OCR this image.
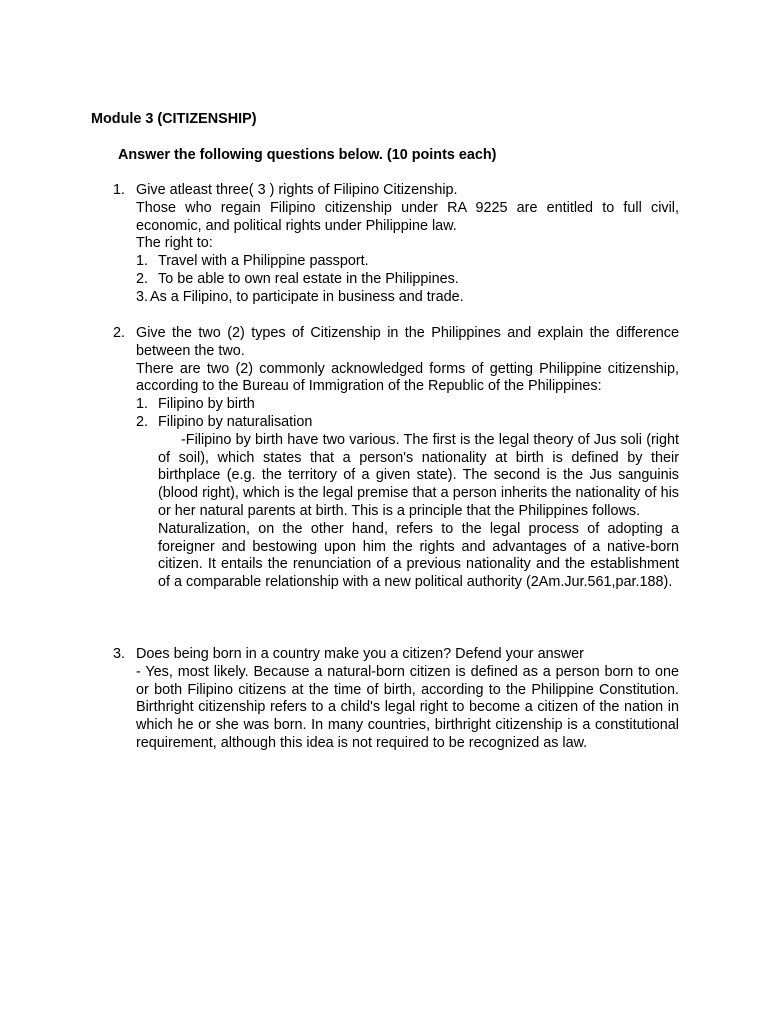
Module 3 (CITIZENSHIP)
Answer the following questions below. (10 points each)
1. Give atleast three( 3 ) rights of Filipino Citizenship.
Those who regain Filipino citizenship under RA 9225 are entitled to full civil, economic, and political rights under Philippine law.
The right to:
1. Travel with a Philippine passport.
2. To be able to own real estate in the Philippines.
3. As a Filipino, to participate in business and trade.
2. Give the two (2) types of Citizenship in the Philippines and explain the difference between the two.
There are two (2) commonly acknowledged forms of getting Philippine citizenship, according to the Bureau of Immigration of the Republic of the Philippines:
1. Filipino by birth
2. Filipino by naturalisation
-Filipino by birth have two various. The first is the legal theory of Jus soli (right of soil), which states that a person's nationality at birth is defined by their birthplace (e.g. the territory of a given state). The second is the Jus sanguinis (blood right), which is the legal premise that a person inherits the nationality of his or her natural parents at birth. This is a principle that the Philippines follows.
Naturalization, on the other hand, refers to the legal process of adopting a foreigner and bestowing upon him the rights and advantages of a native-born citizen. It entails the renunciation of a previous nationality and the establishment of a comparable relationship with a new political authority (2Am.Jur.561,par.188).
3. Does being born in a country make you a citizen? Defend your answer
- Yes, most likely. Because a natural-born citizen is defined as a person born to one or both Filipino citizens at the time of birth, according to the Philippine Constitution. Birthright citizenship refers to a child's legal right to become a citizen of the nation in which he or she was born. In many countries, birthright citizenship is a constitutional requirement, although this idea is not required to be recognized as law.
